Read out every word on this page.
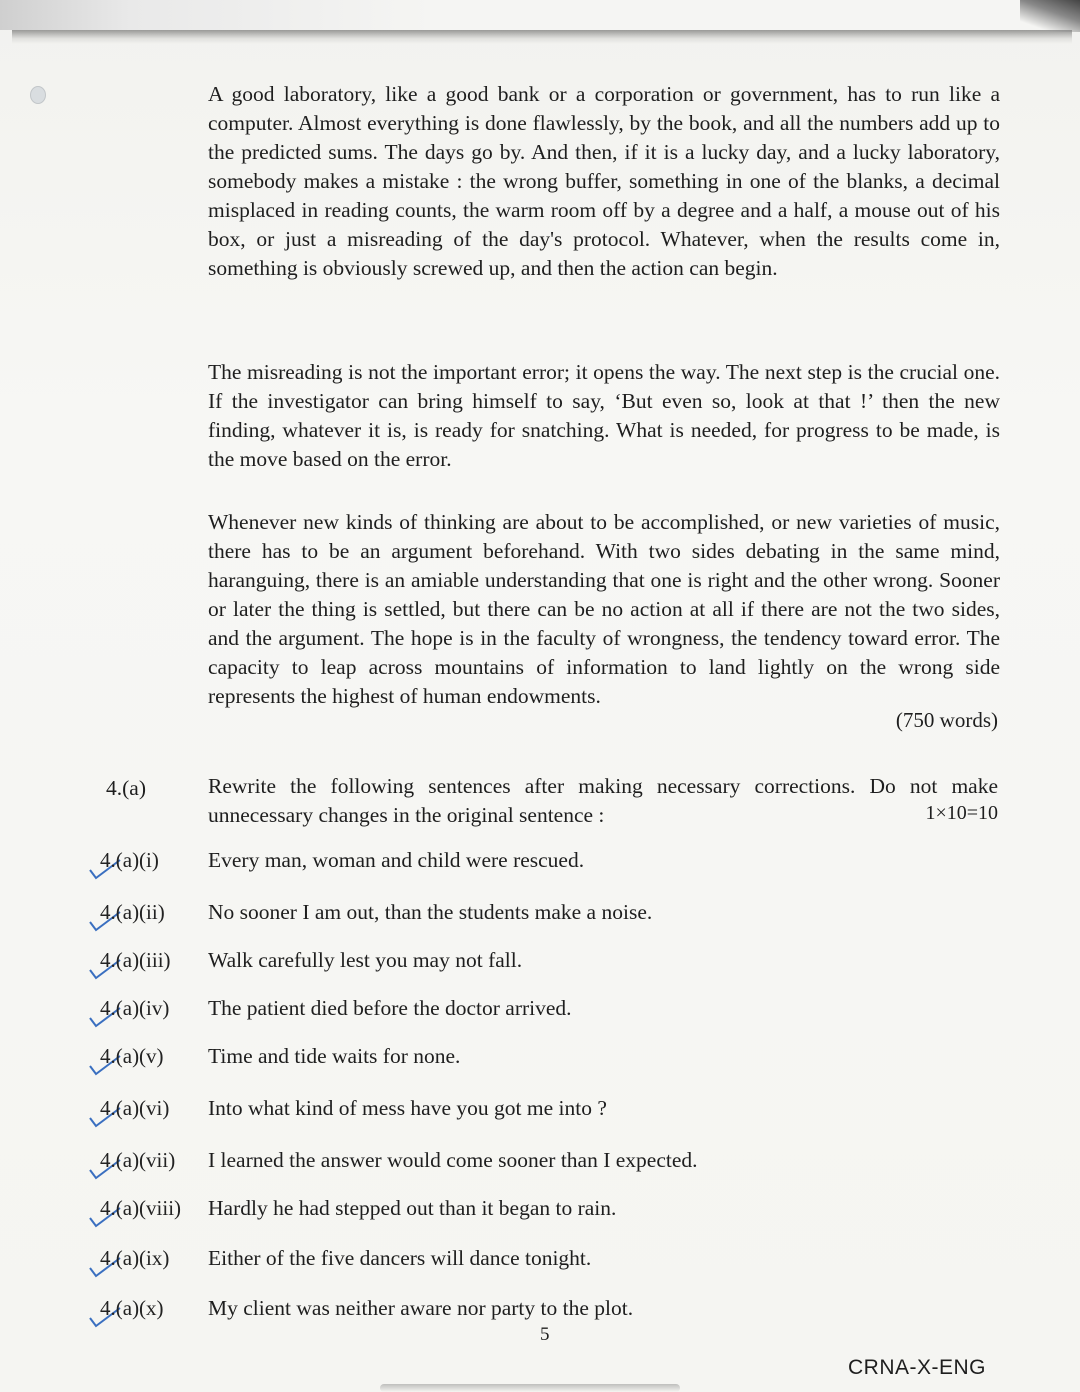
A good laboratory, like a good bank or a corporation or government, has to run like a computer. Almost everything is done flawlessly, by the book, and all the numbers add up to the predicted sums. The days go by. And then, if it is a lucky day, and a lucky laboratory, somebody makes a mistake : the wrong buffer, something in one of the blanks, a decimal misplaced in reading counts, the warm room off by a degree and a half, a mouse out of his box, or just a misreading of the day's protocol. Whatever, when the results come in, something is obviously screwed up, and then the action can begin.

The misreading is not the important error; it opens the way. The next step is the crucial one. If the investigator can bring himself to say, ‘But even so, look at that !’ then the new finding, whatever it is, is ready for snatching. What is needed, for progress to be made, is the move based on the error.

Whenever new kinds of thinking are about to be accomplished, or new varieties of music, there has to be an argument beforehand. With two sides debating in the same mind, haranguing, there is an amiable understanding that one is right and the other wrong. Sooner or later the thing is settled, but there can be no action at all if there are not the two sides, and the argument. The hope is in the faculty of wrongness, the tendency toward error. The capacity to leap across mountains of information to land lightly on the wrong side represents the highest of human endowments.

(750 words)
4.(a)	Rewrite the following sentences after making necessary corrections. Do not make unnecessary changes in the original sentence :	1×10=10
4.(a)(i) Every man, woman and child were rescued.
4.(a)(ii) No sooner I am out, than the students make a noise.
4.(a)(iii) Walk carefully lest you may not fall.
4.(a)(iv) The patient died before the doctor arrived.
4.(a)(v) Time and tide waits for none.
4.(a)(vi) Into what kind of mess have you got me into ?
4.(a)(vii) I learned the answer would come sooner than I expected.
4.(a)(viii) Hardly he had stepped out than it began to rain.
4.(a)(ix) Either of the five dancers will dance tonight.
4.(a)(x) My client was neither aware nor party to the plot.
5
CRNA-X-ENG
